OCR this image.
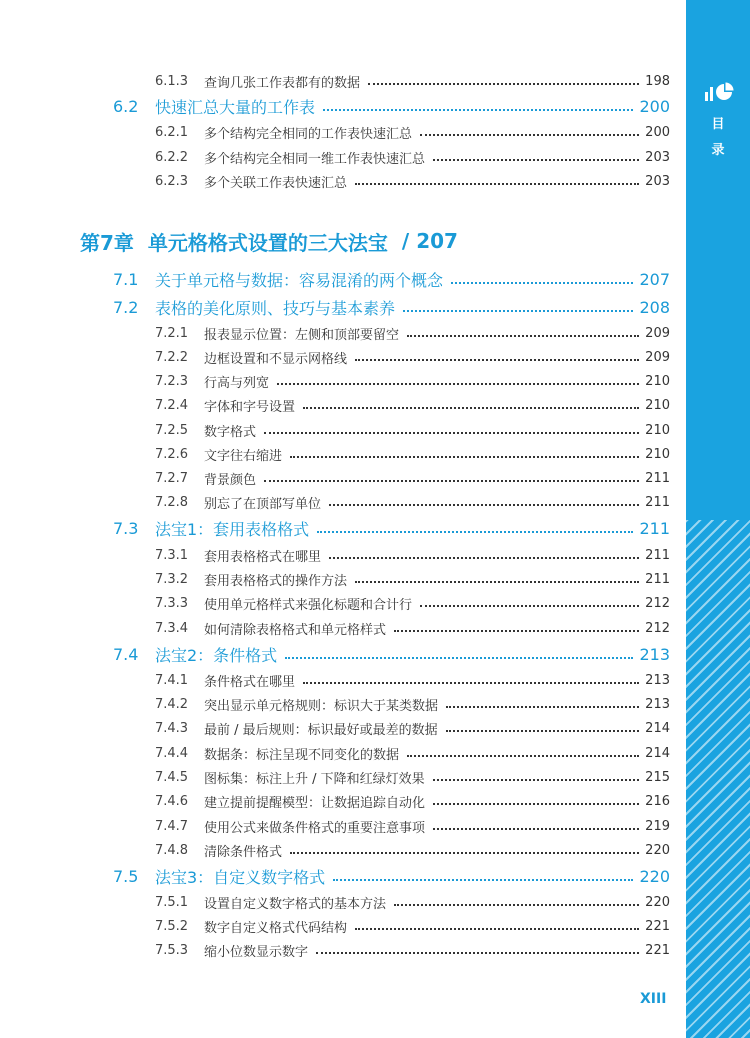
目
录
第7章 单元格格式设置的三大法宝 / 207
6.1.3 查询几张工作表都有的数据	198
6.2 快速汇总大量的工作表	200
6.2.1 多个结构完全相同的工作表快速汇总	200
6.2.2 多个结构完全相同一维工作表快速汇总	203
6.2.3 多个关联工作表快速汇总	203
7.1 关于单元格与数据：容易混淆的两个概念	207
7.2 表格的美化原则、技巧与基本素养	208
7.2.1 报表显示位置：左侧和顶部要留空	209
7.2.2 边框设置和不显示网格线	209
7.2.3 行高与列宽	210
7.2.4 字体和字号设置	210
7.2.5 数字格式	210
7.2.6 文字往右缩进	210
7.2.7 背景颜色	211
7.2.8 别忘了在顶部写单位	211
7.3 法宝1：套用表格格式	211
7.3.1 套用表格格式在哪里	211
7.3.2 套用表格格式的操作方法	211
7.3.3 使用单元格样式来强化标题和合计行	212
7.3.4 如何清除表格格式和单元格样式	212
7.4 法宝2：条件格式	213
7.4.1 条件格式在哪里	213
7.4.2 突出显示单元格规则：标识大于某类数据	213
7.4.3 最前 / 最后规则：标识最好或最差的数据	214
7.4.4 数据条：标注呈现不同变化的数据	214
7.4.5 图标集：标注上升 / 下降和红绿灯效果	215
7.4.6 建立提前提醒模型：让数据追踪自动化	216
7.4.7 使用公式来做条件格式的重要注意事项	219
7.4.8 清除条件格式	220
7.5 法宝3：自定义数字格式	220
7.5.1 设置自定义数字格式的基本方法	220
7.5.2 数字自定义格式代码结构	221
7.5.3 缩小位数显示数字	221
XIII
